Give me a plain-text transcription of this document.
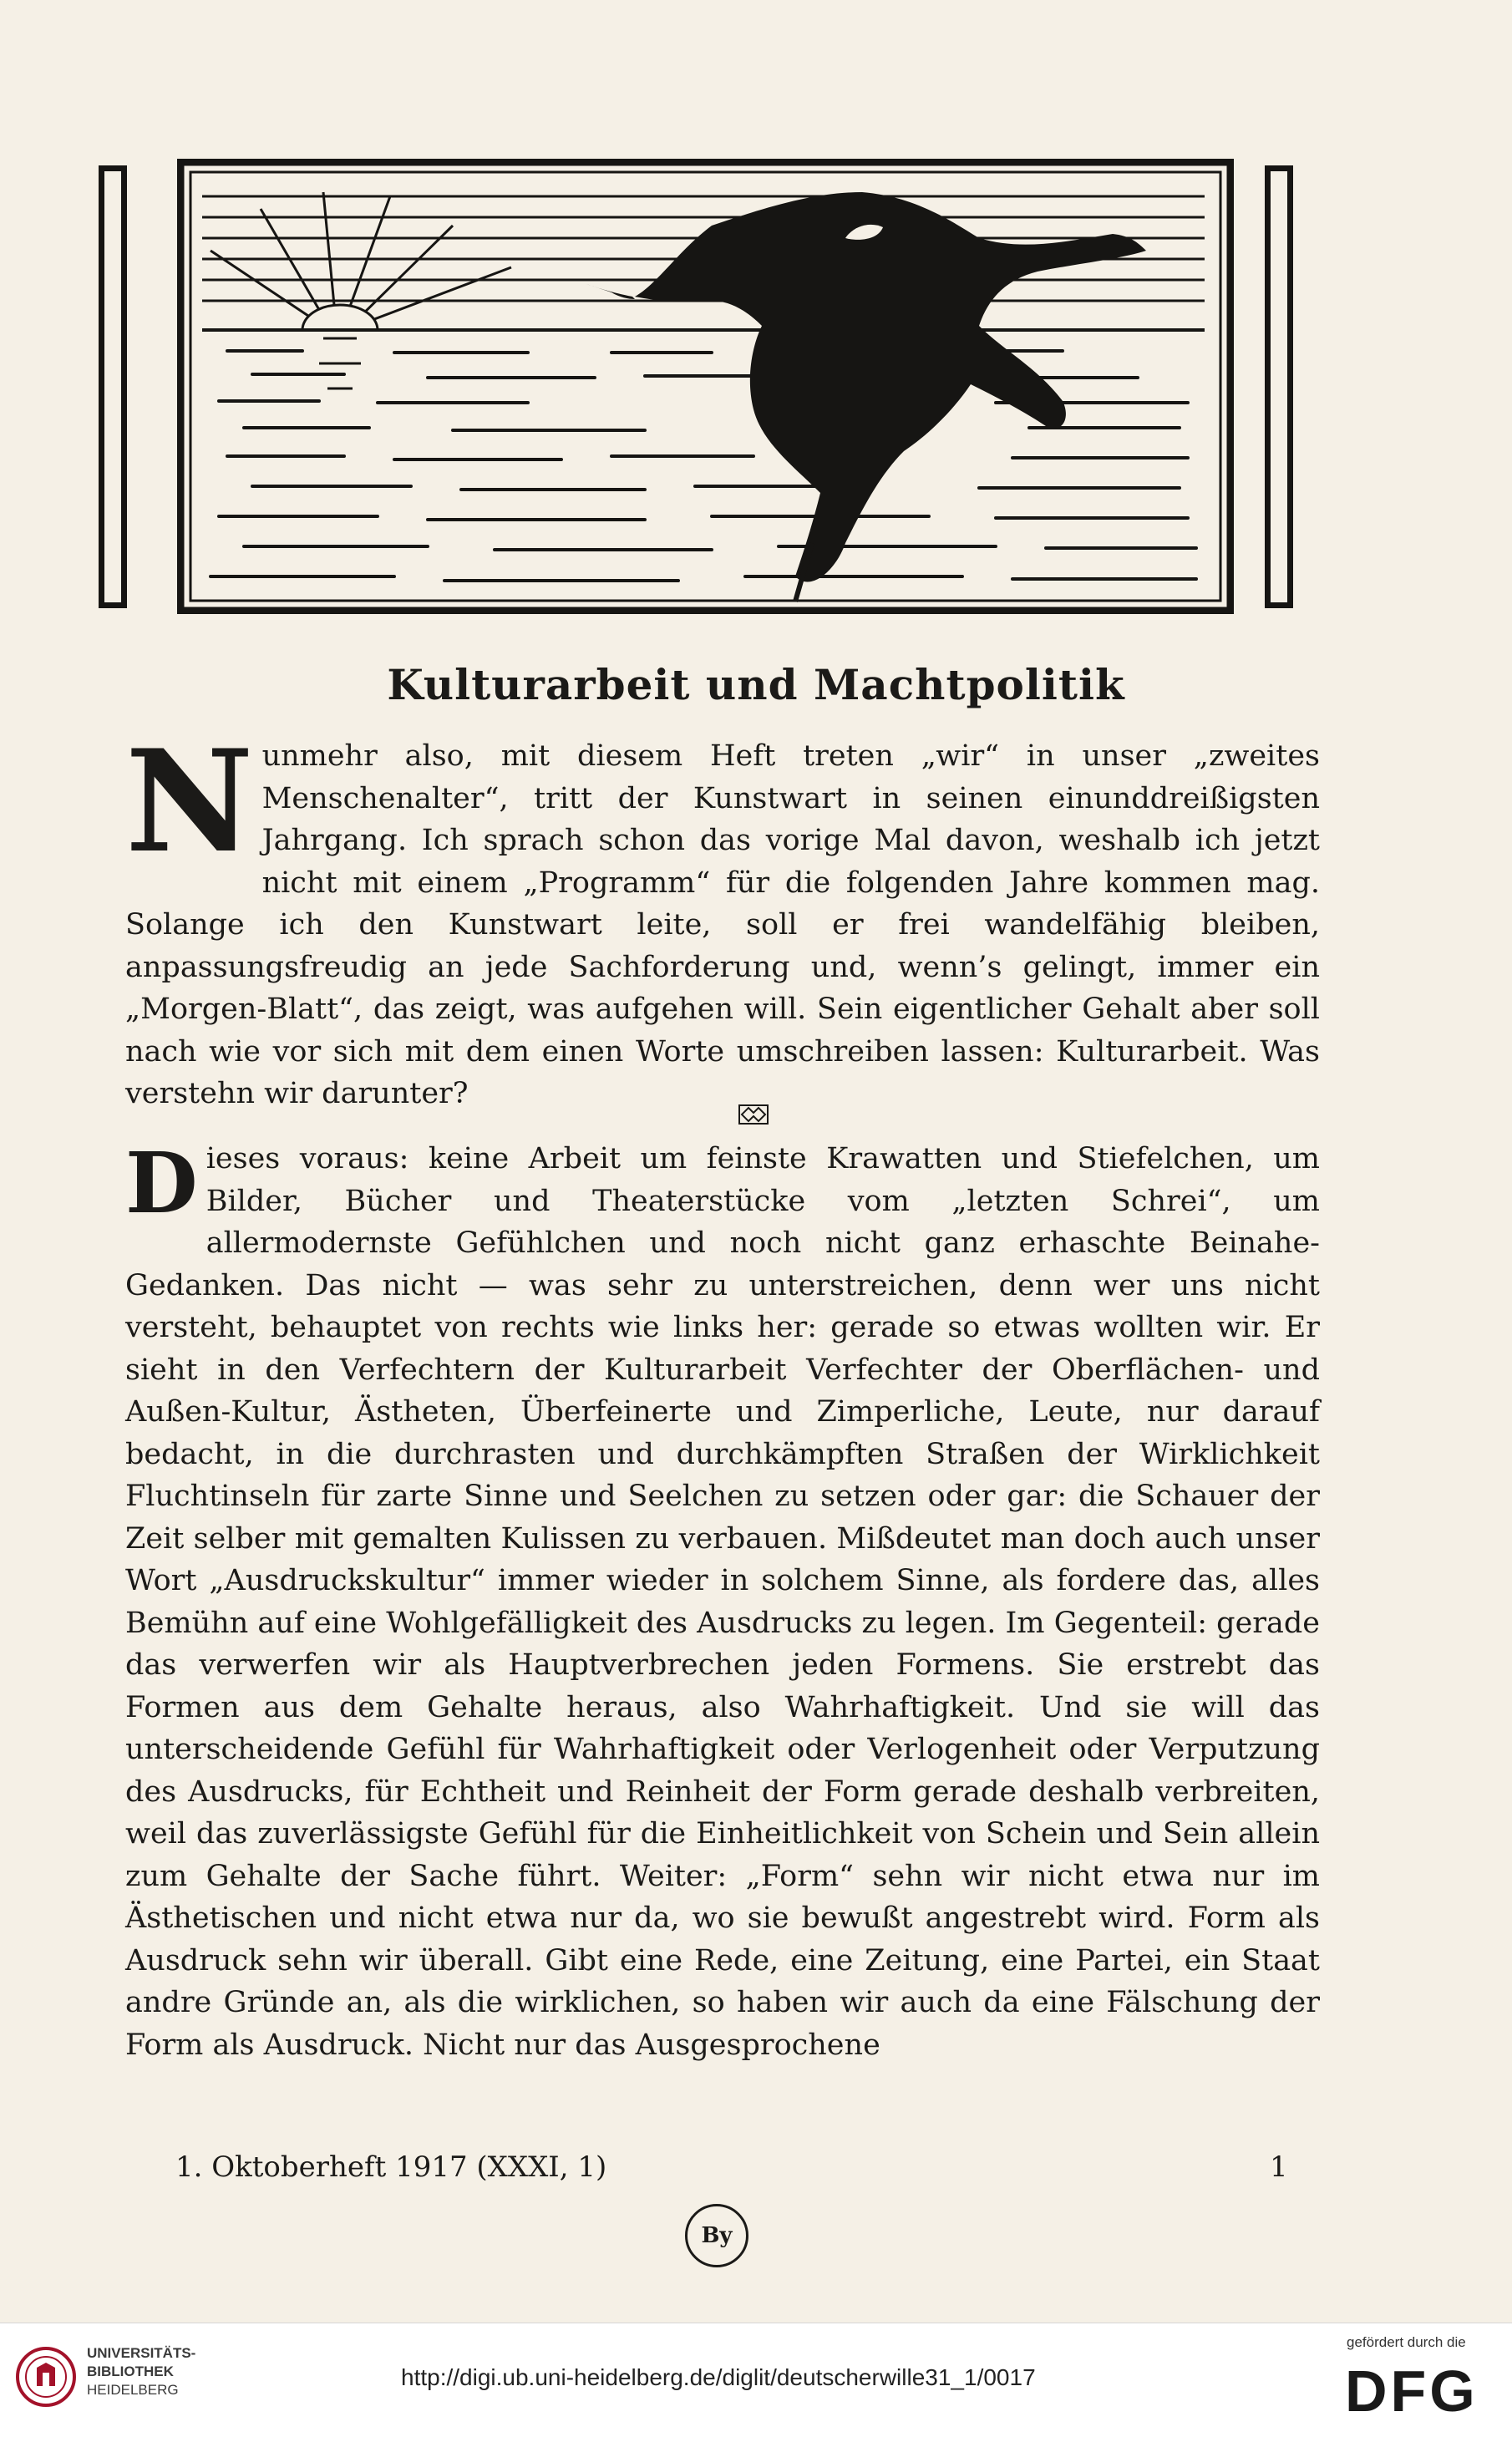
Kulturarbeit und Machtpolitik
Nunmehr also, mit diesem Heft treten „wir“ in unser „zweites Menschenalter“, tritt der Kunstwart in seinen einunddreißigsten Jahrgang. Ich sprach schon das vorige Mal davon, weshalb ich jetzt nicht mit einem „Programm“ für die folgenden Jahre kommen mag. Solange ich den Kunstwart leite, soll er frei wandelfähig bleiben, anpassungsfreudig an jede Sachforderung und, wenn’s gelingt, immer ein „Morgen-Blatt“, das zeigt, was aufgehen will. Sein eigentlicher Gehalt aber soll nach wie vor sich mit dem einen Worte umschreiben lassen: Kulturarbeit. Was verstehn wir darunter?
Dieses voraus: keine Arbeit um feinste Krawatten und Stiefelchen, um Bilder, Bücher und Theaterstücke vom „letzten Schrei“, um allermodernste Gefühlchen und noch nicht ganz erhaschte Beinahe-Gedanken. Das nicht — was sehr zu unterstreichen, denn wer uns nicht versteht, behauptet von rechts wie links her: gerade so etwas wollten wir. Er sieht in den Verfechtern der Kulturarbeit Verfechter der Oberflächen- und Außen-Kultur, Ästheten, Überfeinerte und Zimperliche, Leute, nur darauf bedacht, in die durchrasten und durchkämpften Straßen der Wirklichkeit Fluchtinseln für zarte Sinne und Seelchen zu setzen oder gar: die Schauer der Zeit selber mit gemalten Kulissen zu verbauen. Mißdeutet man doch auch unser Wort „Ausdruckskultur“ immer wieder in solchem Sinne, als fordere das, alles Bemühn auf eine Wohlgefälligkeit des Ausdrucks zu legen. Im Gegenteil: gerade das verwerfen wir als Hauptverbrechen jeden Formens. Sie erstrebt das Formen aus dem Gehalte heraus, also Wahrhaftigkeit. Und sie will das unterscheidende Gefühl für Wahrhaftigkeit oder Verlogenheit oder Verputzung des Ausdrucks, für Echtheit und Reinheit der Form gerade deshalb verbreiten, weil das zuverlässigste Gefühl für die Einheitlichkeit von Schein und Sein allein zum Gehalte der Sache führt. Weiter: „Form“ sehn wir nicht etwa nur im Ästhetischen und nicht etwa nur da, wo sie bewußt angestrebt wird. Form als Ausdruck sehn wir überall. Gibt eine Rede, eine Zeitung, eine Partei, ein Staat andre Gründe an, als die wirklichen, so haben wir auch da eine Fälschung der Form als Ausdruck. Nicht nur das Ausgesprochene
1. Oktoberheft 1917 (XXXI, 1)	1
By
UNIVERSITÄTS-
BIBLIOTHEK
HEIDELBERG	http://digi.ub.uni-heidelberg.de/diglit/deutscherwille31_1/0017
gefördert durch die
DFG
